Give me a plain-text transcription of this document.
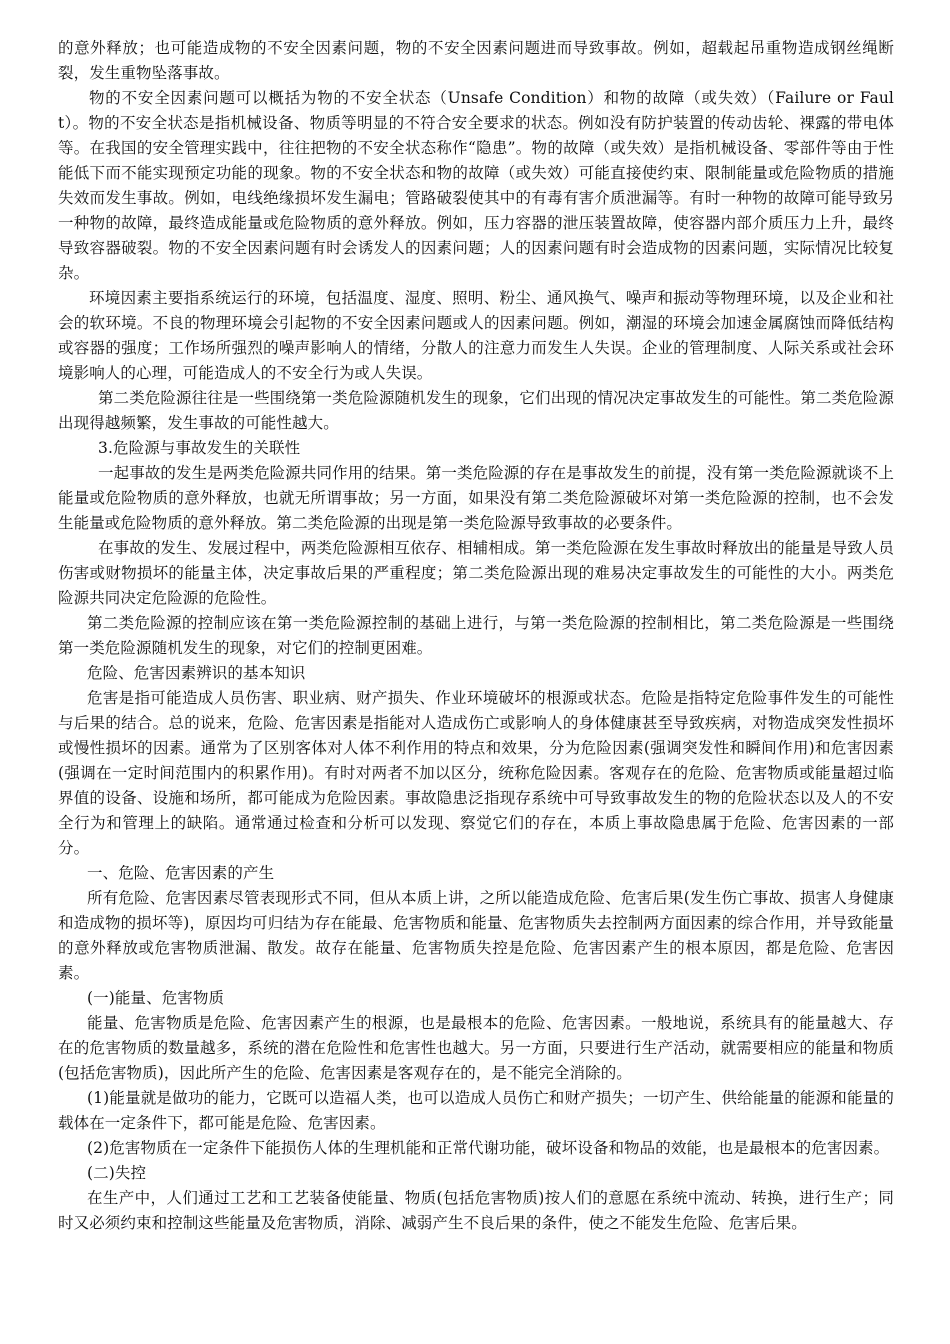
的意外释放；也可能造成物的不安全因素问题，物的不安全因素问题进而导致事故。例如，超载起吊重物造成钢丝绳断裂，发生重物坠落事故。

物的不安全因素问题可以概括为物的不安全状态（Unsafe Condition）和物的故障（或失效）（Failure or Fault）。物的不安全状态是指机械设备、物质等明显的不符合安全要求的状态。例如没有防护装置的传动齿轮、裸露的带电体等。在我国的安全管理实践中，往往把物的不安全状态称作“隐患”。物的故障（或失效）是指机械设备、零部件等由于性能低下而不能实现预定功能的现象。物的不安全状态和物的故障（或失效）可能直接使约束、限制能量或危险物质的措施失效而发生事故。例如，电线绝缘损坏发生漏电；管路破裂使其中的有毒有害介质泄漏等。有时一种物的故障可能导致另一种物的故障，最终造成能量或危险物质的意外释放。例如，压力容器的泄压装置故障，使容器内部介质压力上升，最终导致容器破裂。物的不安全因素问题有时会诱发人的因素问题；人的因素问题有时会造成物的因素问题，实际情况比较复杂。

环境因素主要指系统运行的环境，包括温度、湿度、照明、粉尘、通风换气、噪声和振动等物理环境，以及企业和社会的软环境。不良的物理环境会引起物的不安全因素问题或人的因素问题。例如，潮湿的环境会加速金属腐蚀而降低结构或容器的强度；工作场所强烈的噪声影响人的情绪，分散人的注意力而发生人失误。企业的管理制度、人际关系或社会环境影响人的心理，可能造成人的不安全行为或人失误。

第二类危险源往往是一些围绕第一类危险源随机发生的现象，它们出现的情况决定事故发生的可能性。第二类危险源出现得越频繁，发生事故的可能性越大。

3.危险源与事故发生的关联性

一起事故的发生是两类危险源共同作用的结果。第一类危险源的存在是事故发生的前提，没有第一类危险源就谈不上能量或危险物质的意外释放，也就无所谓事故；另一方面，如果没有第二类危险源破坏对第一类危险源的控制，也不会发生能量或危险物质的意外释放。第二类危险源的出现是第一类危险源导致事故的必要条件。

在事故的发生、发展过程中，两类危险源相互依存、相辅相成。第一类危险源在发生事故时释放出的能量是导致人员伤害或财物损坏的能量主体，决定事故后果的严重程度；第二类危险源出现的难易决定事故发生的可能性的大小。两类危险源共同决定危险源的危险性。

第二类危险源的控制应该在第一类危险源控制的基础上进行，与第一类危险源的控制相比，第二类危险源是一些围绕第一类危险源随机发生的现象，对它们的控制更困难。

危险、危害因素辨识的基本知识

危害是指可能造成人员伤害、职业病、财产损失、作业环境破坏的根源或状态。危险是指特定危险事件发生的可能性与后果的结合。总的说来，危险、危害因素是指能对人造成伤亡或影响人的身体健康甚至导致疾病，对物造成突发性损坏或慢性损坏的因素。通常为了区别客体对人体不利作用的特点和效果，分为危险因素(强调突发性和瞬间作用)和危害因素(强调在一定时间范围内的积累作用)。有时对两者不加以区分，统称危险因素。客观存在的危险、危害物质或能量超过临界值的设备、设施和场所，都可能成为危险因素。事故隐患泛指现存系统中可导致事故发生的物的危险状态以及人的不安全行为和管理上的缺陷。通常通过检查和分析可以发现、察觉它们的存在，本质上事故隐患属于危险、危害因素的一部分。

一、危险、危害因素的产生

所有危险、危害因素尽管表现形式不同，但从本质上讲，之所以能造成危险、危害后果(发生伤亡事故、损害人身健康和造成物的损坏等)，原因均可归结为存在能最、危害物质和能量、危害物质失去控制两方面因素的综合作用，并导致能量的意外释放或危害物质泄漏、散发。故存在能量、危害物质失控是危险、危害因素产生的根本原因，都是危险、危害因素。

(一)能量、危害物质

能量、危害物质是危险、危害因素产生的根源，也是最根本的危险、危害因素。一般地说，系统具有的能量越大、存在的危害物质的数量越多，系统的潜在危险性和危害性也越大。另一方面，只要进行生产活动，就需要相应的能量和物质(包括危害物质)，因此所产生的危险、危害因素是客观存在的，是不能完全消除的。

(1)能量就是做功的能力，它既可以造福人类，也可以造成人员伤亡和财产损失；一切产生、供给能量的能源和能量的载体在一定条件下，都可能是危险、危害因素。

(2)危害物质在一定条件下能损伤人体的生理机能和正常代谢功能，破坏设备和物品的效能，也是最根本的危害因素。

(二)失控

在生产中，人们通过工艺和工艺装备使能量、物质(包括危害物质)按人们的意愿在系统中流动、转换，进行生产；同时又必须约束和控制这些能量及危害物质，消除、减弱产生不良后果的条件，使之不能发生危险、危害后果。
